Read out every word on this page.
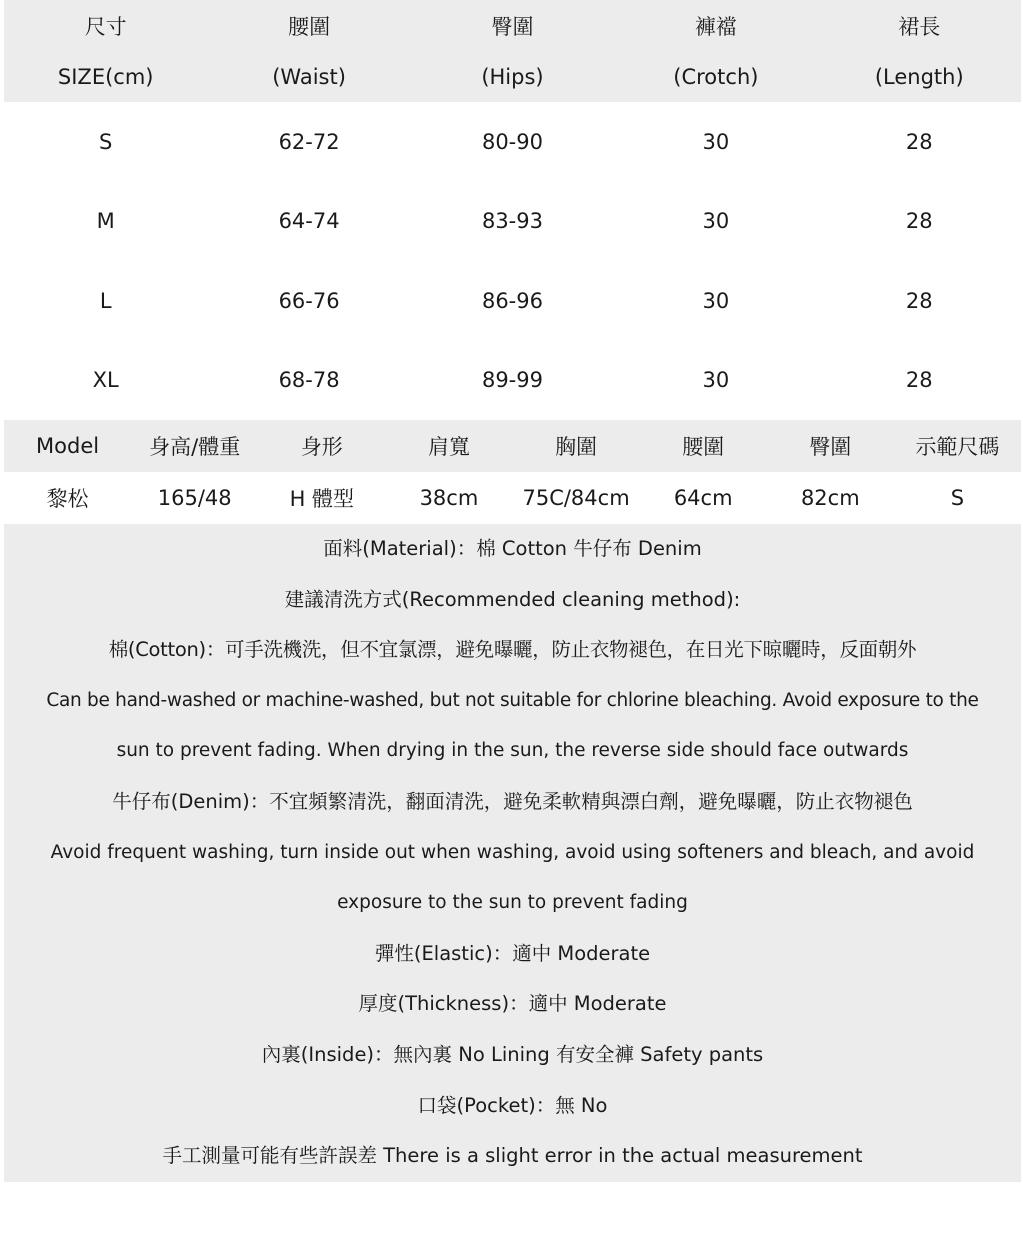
尺寸	腰圍	臀圍	褲襠	裙長
SIZE(cm)	(Waist)	(Hips)	(Crotch)	(Length)
S	62-72	80-90	30	28
M	64-74	83-93	30	28
L	66-76	86-96	30	28
XL	68-78	89-99	30	28
Model	身高/體重	身形	肩寬	胸圍	腰圍	臀圍	示範尺碼
黎松	165/48	H 體型	38cm	75C/84cm	64cm	82cm	S
面料(Material)：棉 Cotton 牛仔布 Denim
建議清洗方式(Recommended cleaning method):
棉(Cotton)：可手洗機洗，但不宜氯漂，避免曝曬，防止衣物褪色，在日光下晾曬時，反面朝外
Can be hand-washed or machine-washed, but not suitable for chlorine bleaching. Avoid exposure to the
sun to prevent fading. When drying in the sun, the reverse side should face outwards
牛仔布(Denim)：不宜頻繁清洗，翻面清洗，避免柔軟精與漂白劑，避免曝曬，防止衣物褪色
Avoid frequent washing, turn inside out when washing, avoid using softeners and bleach, and avoid
exposure to the sun to prevent fading
彈性(Elastic)：適中 Moderate
厚度(Thickness)：適中 Moderate
內裏(Inside)：無內裏 No Lining 有安全褲 Safety pants
口袋(Pocket)：無 No
手工測量可能有些許誤差 There is a slight error in the actual measurement
